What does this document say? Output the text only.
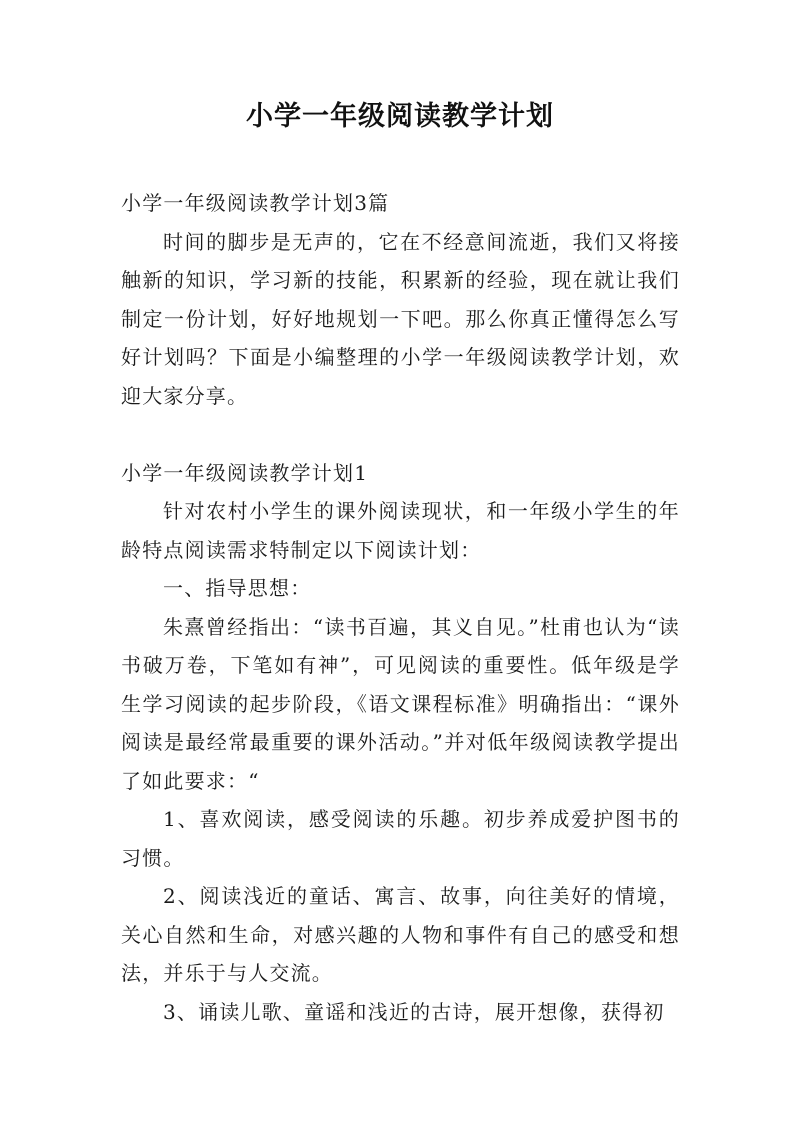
小学一年级阅读教学计划

小学一年级阅读教学计划3篇

时间的脚步是无声的，它在不经意间流逝，我们又将接触新的知识，学习新的技能，积累新的经验，现在就让我们制定一份计划，好好地规划一下吧。那么你真正懂得怎么写好计划吗？下面是小编整理的小学一年级阅读教学计划，欢迎大家分享。

小学一年级阅读教学计划1

针对农村小学生的课外阅读现状，和一年级小学生的年龄特点阅读需求特制定以下阅读计划：

一、指导思想：

朱熹曾经指出：“读书百遍，其义自见。”杜甫也认为“读书破万卷，下笔如有神”，可见阅读的重要性。低年级是学生学习阅读的起步阶段，《语文课程标准》明确指出：“课外阅读是最经常最重要的课外活动。”并对低年级阅读教学提出了如此要求：“

1、喜欢阅读，感受阅读的乐趣。初步养成爱护图书的习惯。

2、阅读浅近的童话、寓言、故事，向往美好的情境，关心自然和生命，对感兴趣的人物和事件有自己的感受和想法，并乐于与人交流。

3、诵读儿歌、童谣和浅近的古诗，展开想像，获得初
